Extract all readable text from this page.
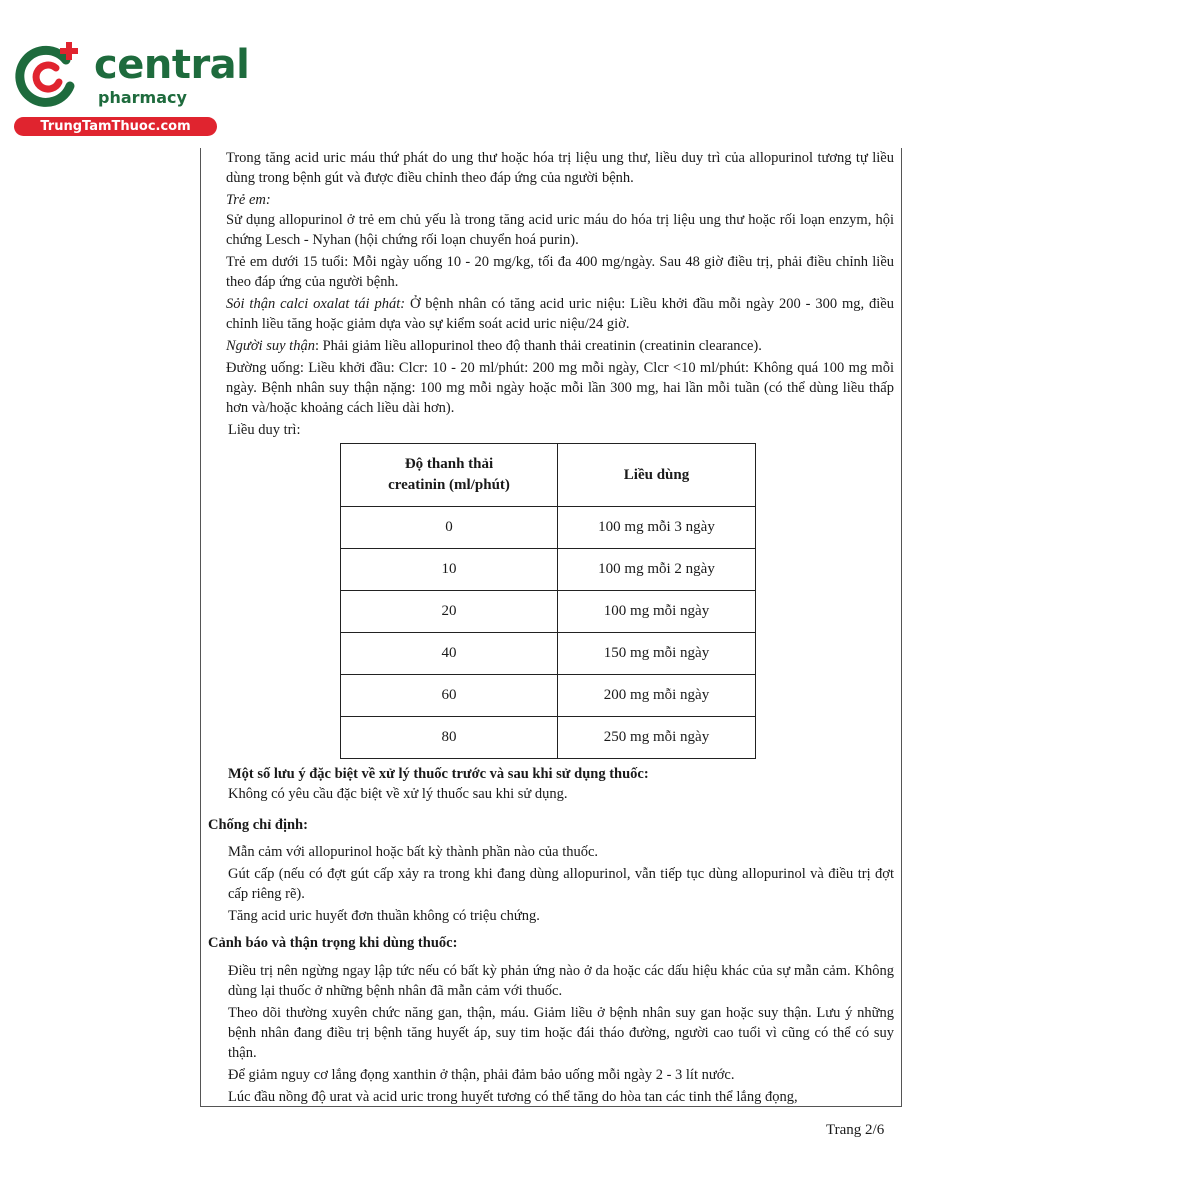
central
pharmacy
TrungTamThuoc.com

Trong tăng acid uric máu thứ phát do ung thư hoặc hóa trị liệu ung thư, liều duy trì của allopurinol tương tự liều dùng trong bệnh gút và được điều chỉnh theo đáp ứng của người bệnh.

Trẻ em:

Sử dụng allopurinol ở trẻ em chủ yếu là trong tăng acid uric máu do hóa trị liệu ung thư hoặc rối loạn enzym, hội chứng Lesch - Nyhan (hội chứng rối loạn chuyển hoá purin).

Trẻ em dưới 15 tuổi: Mỗi ngày uống 10 - 20 mg/kg, tối đa 400 mg/ngày. Sau 48 giờ điều trị, phải điều chỉnh liều theo đáp ứng của người bệnh.

Sỏi thận calci oxalat tái phát: Ở bệnh nhân có tăng acid uric niệu: Liều khởi đầu mỗi ngày 200 - 300 mg, điều chỉnh liều tăng hoặc giảm dựa vào sự kiểm soát acid uric niệu/24 giờ.

Người suy thận: Phải giảm liều allopurinol theo độ thanh thải creatinin (creatinin clearance).

Đường uống: Liều khởi đầu: Clcr: 10 - 20 ml/phút: 200 mg mỗi ngày, Clcr <10 ml/phút: Không quá 100 mg mỗi ngày. Bệnh nhân suy thận nặng: 100 mg mỗi ngày hoặc mỗi lần 300 mg, hai lần mỗi tuần (có thể dùng liều thấp hơn và/hoặc khoảng cách liều dài hơn).

Liều duy trì:

Độ thanh thải
creatinin (ml/phút)	Liều dùng
0	100 mg mỗi 3 ngày
10	100 mg mỗi 2 ngày
20	100 mg mỗi ngày
40	150 mg mỗi ngày
60	200 mg mỗi ngày
80	250 mg mỗi ngày

Một số lưu ý đặc biệt về xử lý thuốc trước và sau khi sử dụng thuốc:

Không có yêu cầu đặc biệt về xử lý thuốc sau khi sử dụng.

Chống chỉ định:

Mẫn cảm với allopurinol hoặc bất kỳ thành phần nào của thuốc.

Gút cấp (nếu có đợt gút cấp xảy ra trong khi đang dùng allopurinol, vẫn tiếp tục dùng allopurinol và điều trị đợt cấp riêng rẽ).

Tăng acid uric huyết đơn thuần không có triệu chứng.

Cảnh báo và thận trọng khi dùng thuốc:

Điều trị nên ngừng ngay lập tức nếu có bất kỳ phản ứng nào ở da hoặc các dấu hiệu khác của sự mẫn cảm. Không dùng lại thuốc ở những bệnh nhân đã mẫn cảm với thuốc.

Theo dõi thường xuyên chức năng gan, thận, máu. Giảm liều ở bệnh nhân suy gan hoặc suy thận. Lưu ý những bệnh nhân đang điều trị bệnh tăng huyết áp, suy tim hoặc đái tháo đường, người cao tuổi vì cũng có thể có suy thận.

Để giảm nguy cơ lắng đọng xanthin ở thận, phải đảm bảo uống mỗi ngày 2 - 3 lít nước.

Lúc đầu nồng độ urat và acid uric trong huyết tương có thể tăng do hòa tan các tinh thể lắng đọng,

Trang 2/6
